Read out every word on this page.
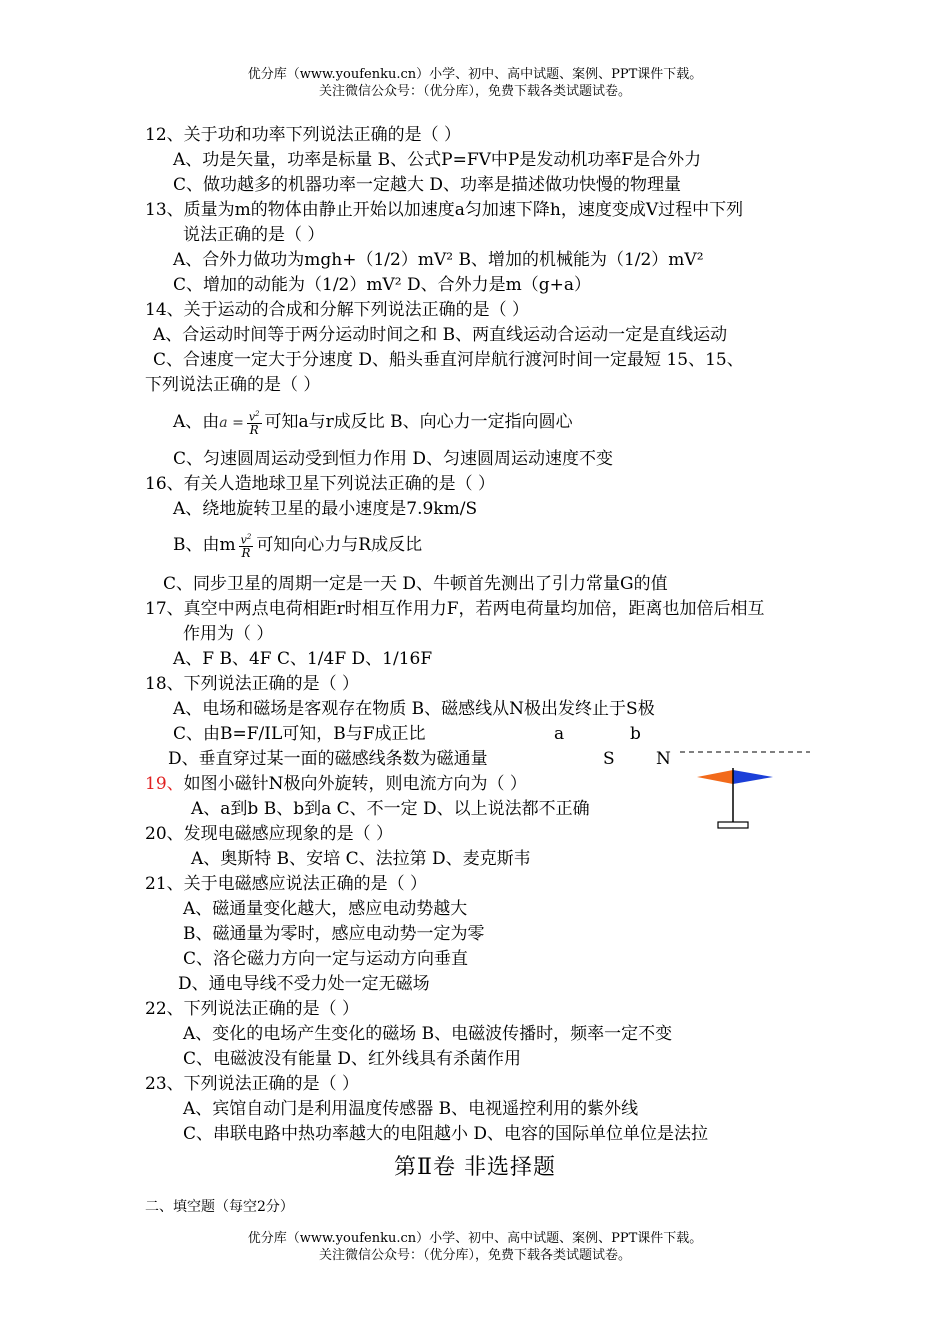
优分库（www.youfenku.cn）小学、初中、高中试题、案例、PPT课件下载。
关注微信公众号：（优分库），免费下载各类试题试卷。
12、关于功和功率下列说法正确的是（ ）
A、功是矢量，功率是标量 B、公式P=FV中P是发动机功率F是合外力
C、做功越多的机器功率一定越大 D、功率是描述做功快慢的物理量
13、质量为m的物体由静止开始以加速度a匀加速下降h，速度变成V过程中下列
说法正确的是（ ）
A、合外力做功为mgh+（1/2）mV² B、增加的机械能为（1/2）mV²
C、增加的动能为（1/2）mV² D、合外力是m（g+a）
14、关于运动的合成和分解下列说法正确的是（ ）
A、合运动时间等于两分运动时间之和 B、两直线运动合运动一定是直线运动
C、合速度一定大于分速度 D、船头垂直河岸航行渡河时间一定最短 15、15、
下列说法正确的是（ ）
A、由$a = \frac{v^2}{R}$ 可知a与r成反比 B、向心力一定指向圆心
C、匀速圆周运动受到恒力作用 D、匀速圆周运动速度不变
16、有关人造地球卫星下列说法正确的是（ ）
A、绕地旋转卫星的最小速度是7.9km/S
B、由m $\frac{v^2}{R}$ 可知向心力与R成反比
C、同步卫星的周期一定是一天 D、牛顿首先测出了引力常量G的值
17、真空中两点电荷相距r时相互作用力F，若两电荷量均加倍，距离也加倍后相互
作用为（ ）
A、F B、4F C、1/4F D、1/16F
18、下列说法正确的是（ ）
A、电场和磁场是客观存在物质 B、磁感线从N极出发终止于S极
C、由B=F/IL可知，B与F成正比
D、垂直穿过某一面的磁感线条数为磁通量
a	b
S N
19、如图小磁针N极向外旋转，则电流方向为（ ）
A、a到b B、b到a C、不一定 D、以上说法都不正确
20、发现电磁感应现象的是（ ）
A、奥斯特 B、安培 C、法拉第 D、麦克斯韦
21、关于电磁感应说法正确的是（ ）
A、磁通量变化越大，感应电动势越大
B、磁通量为零时，感应电动势一定为零
C、洛仑磁力方向一定与运动方向垂直
D、通电导线不受力处一定无磁场
22、下列说法正确的是（ ）
A、变化的电场产生变化的磁场 B、电磁波传播时，频率一定不变
C、电磁波没有能量 D、红外线具有杀菌作用
23、下列说法正确的是（ ）
A、宾馆自动门是利用温度传感器 B、电视遥控利用的紫外线
C、串联电路中热功率越大的电阻越小 D、电容的国际单位单位是法拉
第Ⅱ卷 非选择题
二、填空题（每空2分）
优分库（www.youfenku.cn）小学、初中、高中试题、案例、PPT课件下载。
关注微信公众号：（优分库），免费下载各类试题试卷。
